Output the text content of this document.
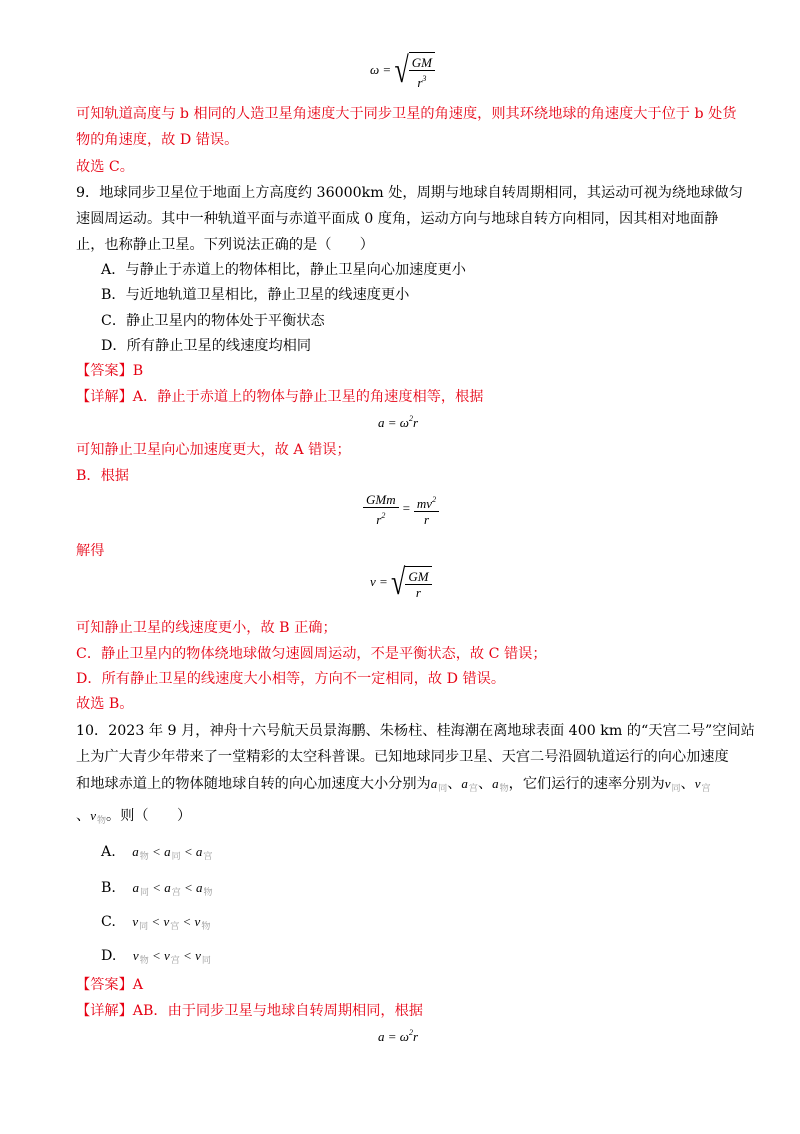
ω = √ $\frac{GM}{r^3}$
可知轨道高度与 b 相同的人造卫星角速度大于同步卫星的角速度，则其环绕地球的角速度大于位于 b 处货
物的角速度，故 D 错误。
故选 C。
9．地球同步卫星位于地面上方高度约 36000km 处，周期与地球自转周期相同，其运动可视为绕地球做匀
速圆周运动。其中一种轨道平面与赤道平面成 0 度角，运动方向与地球自转方向相同，因其相对地面静
止，也称静止卫星。下列说法正确的是（　　）
A．与静止于赤道上的物体相比，静止卫星向心加速度更小
B．与近地轨道卫星相比，静止卫星的线速度更小
C．静止卫星内的物体处于平衡状态
D．所有静止卫星的线速度均相同
【答案】B
【详解】A．静止于赤道上的物体与静止卫星的角速度相等，根据
$a = \omega^2r$
可知静止卫星向心加速度更大，故 A 错误；
B．根据
$\frac{\text{GMm}}{r^2} = \frac{mv^2}{r}$
解得
v = √ $\frac{GM}{r}$
可知静止卫星的线速度更小，故 B 正确；
C．静止卫星内的物体绕地球做匀速圆周运动，不是平衡状态，故 C 错误；
D．所有静止卫星的线速度大小相等，方向不一定相同，故 D 错误。
故选 B。
10．2023 年 9 月，神舟十六号航天员景海鹏、朱杨柱、桂海潮在离地球表面 400 km 的“天宫二号”空间站
上为广大青少年带来了一堂精彩的太空科普课。已知地球同步卫星、天宫二号沿圆轨道运行的向心加速度
和地球赤道上的物体随地球自转的向心加速度大小分别为$a_同$、$a_宫$、$a_物$，它们运行的速率分别为$v_同$、$v_宫$
、$v_物$。则（　　）
A. $a_物 < a_同 < a_宫$
B. $a_同 < a_宫 < a_物$
C. $v_同 < v_宫 < v_物$
D. $v_物 < v_宫 < v_同$
【答案】A
【详解】AB．由于同步卫星与地球自转周期相同，根据
$a = \omega^2r$
